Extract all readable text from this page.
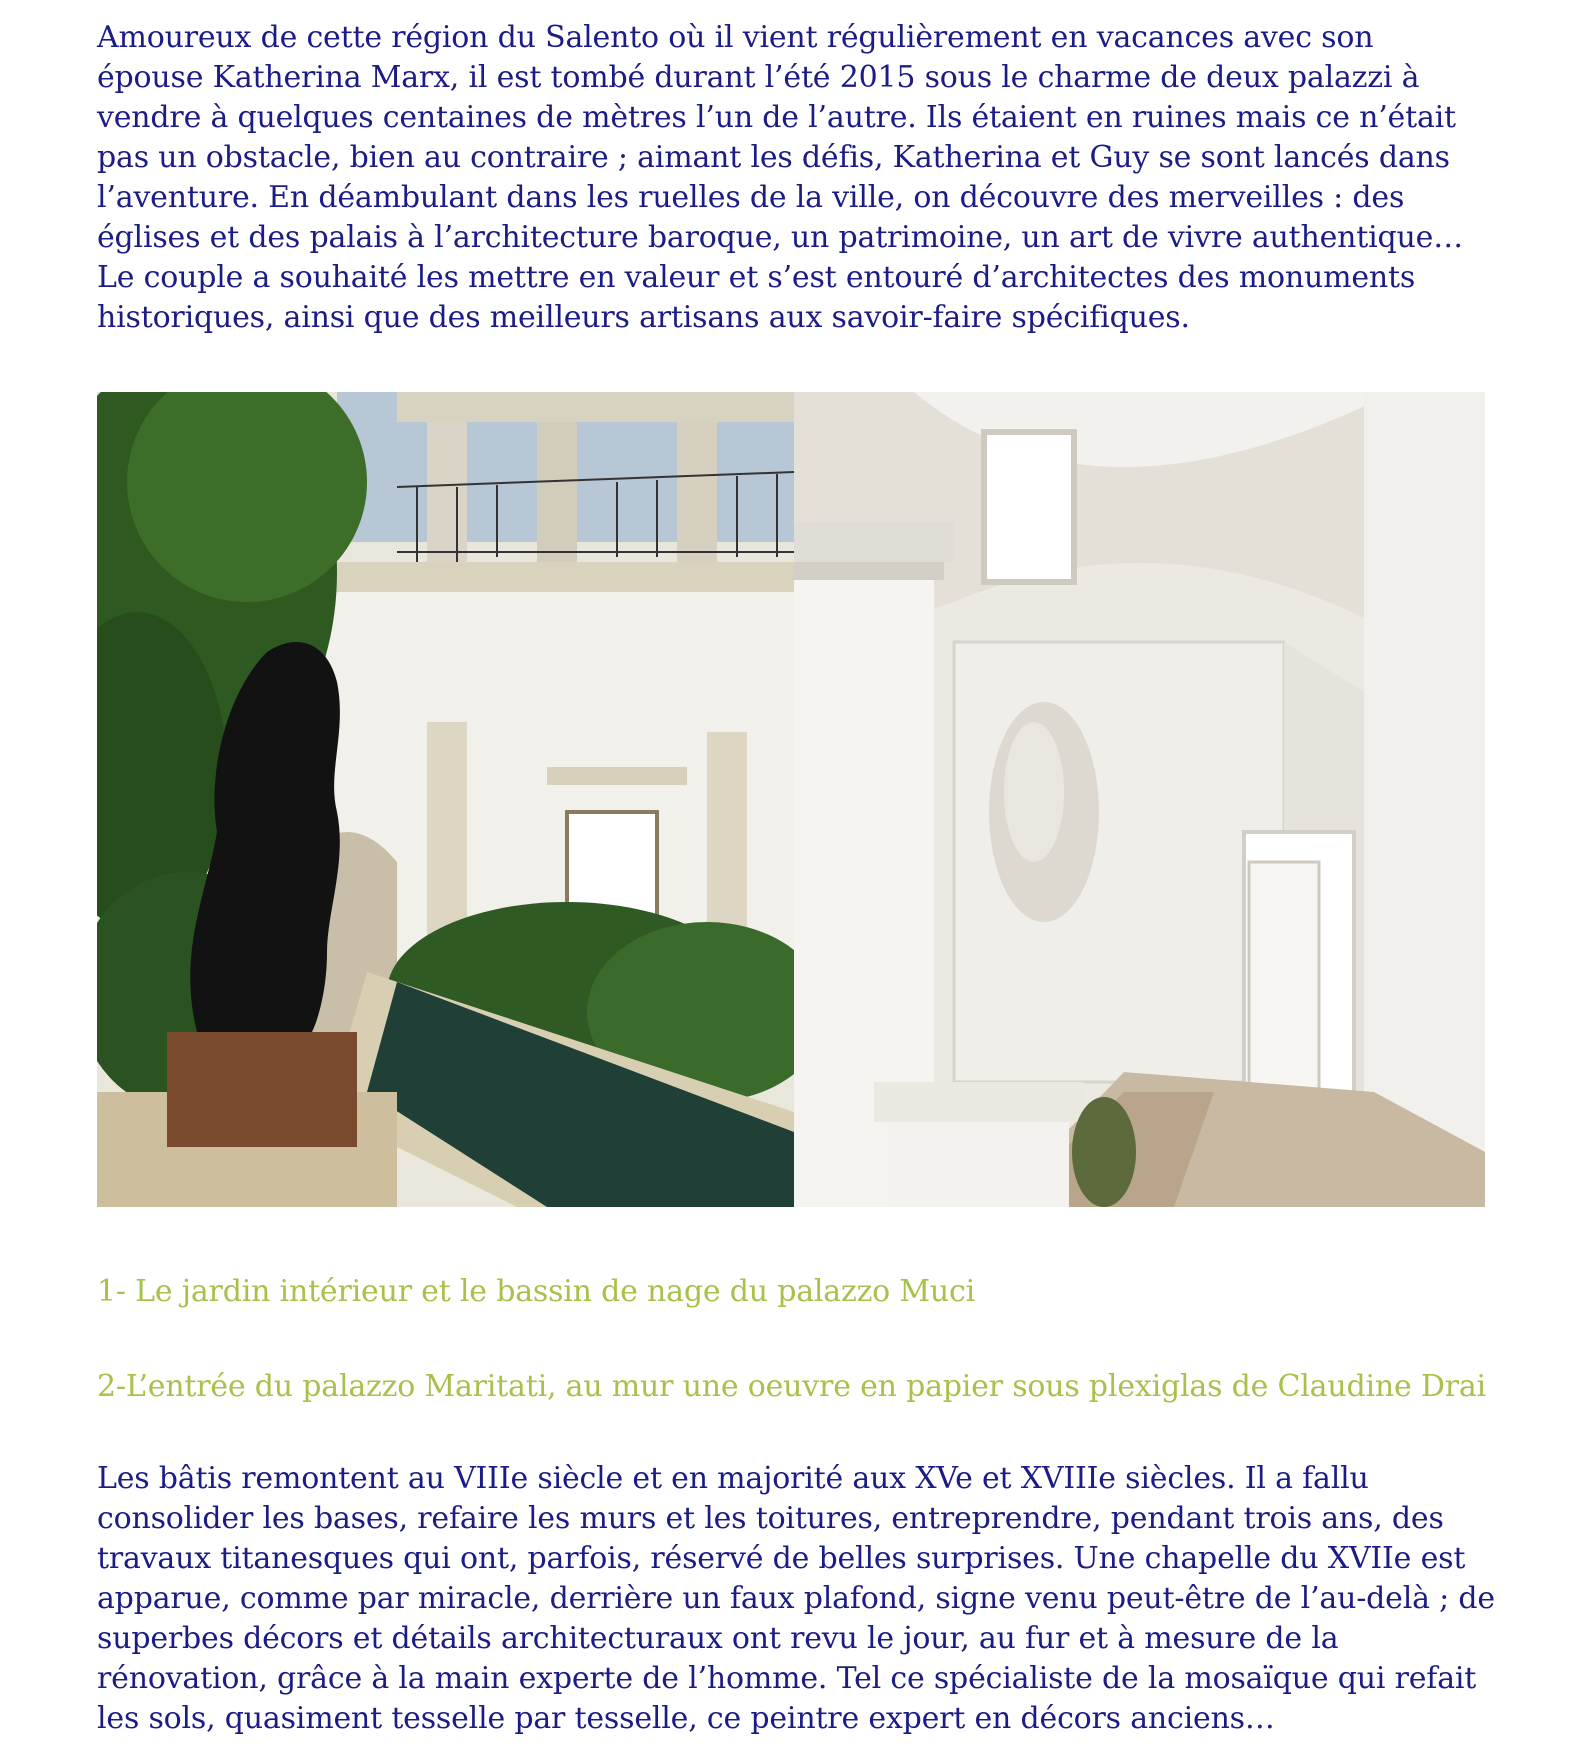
Amoureux de cette région du Salento où il vient régulièrement en vacances avec son épouse Katherina Marx, il est tombé durant l’été 2015 sous le charme de deux palazzi à vendre à quelques centaines de mètres l’un de l’autre. Ils étaient en ruines mais ce n’était pas un obstacle, bien au contraire ; aimant les défis, Katherina et Guy se sont lancés dans l’aventure. En déambulant dans les ruelles de la ville, on découvre des merveilles : des églises et des palais à l’architecture baroque, un patrimoine, un art de vivre authentique… Le couple a souhaité les mettre en valeur et s’est entouré d’architectes des monuments historiques, ainsi que des meilleurs artisans aux savoir-faire spécifiques.

1- Le jardin intérieur et le bassin de nage du palazzo Muci

2-L’entrée du palazzo Maritati, au mur une oeuvre en papier sous plexiglas de Claudine Drai

Les bâtis remontent au VIIIe siècle et en majorité aux XVe et XVIIIe siècles. Il a fallu consolider les bases, refaire les murs et les toitures, entreprendre, pendant trois ans, des travaux titanesques qui ont, parfois, réservé de belles surprises. Une chapelle du XVIIe est apparue, comme par miracle, derrière un faux plafond, signe venu peut-être de l’au-delà ; de superbes décors et détails architecturaux ont revu le jour, au fur et à mesure de la rénovation, grâce à la main experte de l’homme. Tel ce spécialiste de la mosaïque qui refait les sols, quasiment tesselle par tesselle, ce peintre expert en décors anciens…
